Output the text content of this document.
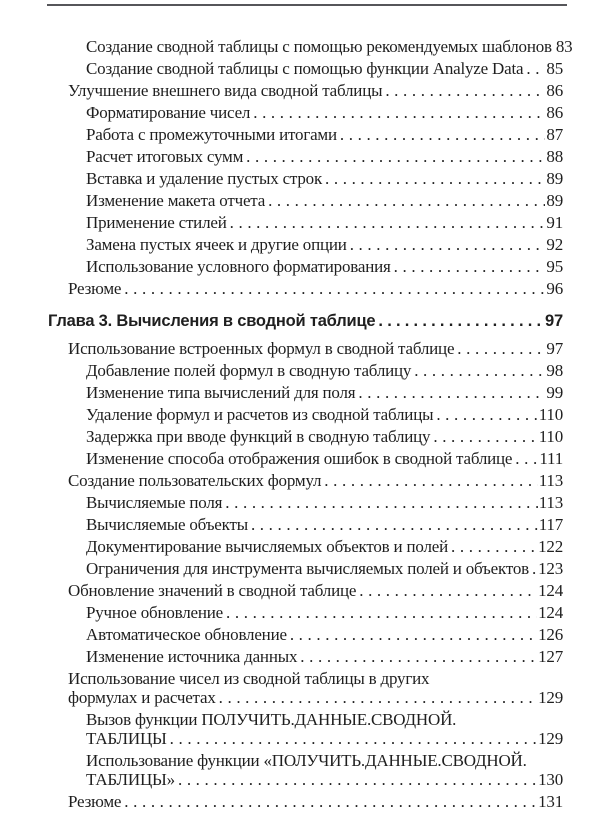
Создание сводной таблицы с помощью рекомендуемых шаблонов 83
Создание сводной таблицы с помощью функции Analyze Data ..... 85
Улучшение внешнего вида сводной таблицы .....	86
Форматирование чисел .....	86
Работа с промежуточными итогами .....	87
Расчет итоговых сумм .....	88
Вставка и удаление пустых строк .....	89
Изменение макета отчета .....	89
Применение стилей .....	91
Замена пустых ячеек и другие опции .....	92
Использование условного форматирования .....	95
Резюме .....	96
Глава 3. Вычисления в сводной таблице .....	97
Использование встроенных формул в сводной таблице .....	97
Добавление полей формул в сводную таблицу .....	98
Изменение типа вычислений для поля .....	99
Удаление формул и расчетов из сводной таблицы .....	110
Задержка при вводе функций в сводную таблицу .....	110
Изменение способа отображения ошибок в сводной таблице ..... 111
Создание пользовательских формул .....	113
Вычисляемые поля .....	113
Вычисляемые объекты .....	117
Документирование вычисляемых объектов и полей .....	122
Ограничения для инструмента вычисляемых полей и объектов ..... 123
Обновление значений в сводной таблице .....	124
Ручное обновление .....	124
Автоматическое обновление .....	126
Изменение источника данных .....	127
Использование чисел из сводной таблицы в других
формулах и расчетах .....	129
Вызов функции ПОЛУЧИТЬ.ДАННЫЕ.СВОДНОЙ.
ТАБЛИЦЫ .....	129
Использование функции «ПОЛУЧИТЬ.ДАННЫЕ.СВОДНОЙ.
ТАБЛИЦЫ» .....	130
Резюме .....	131
